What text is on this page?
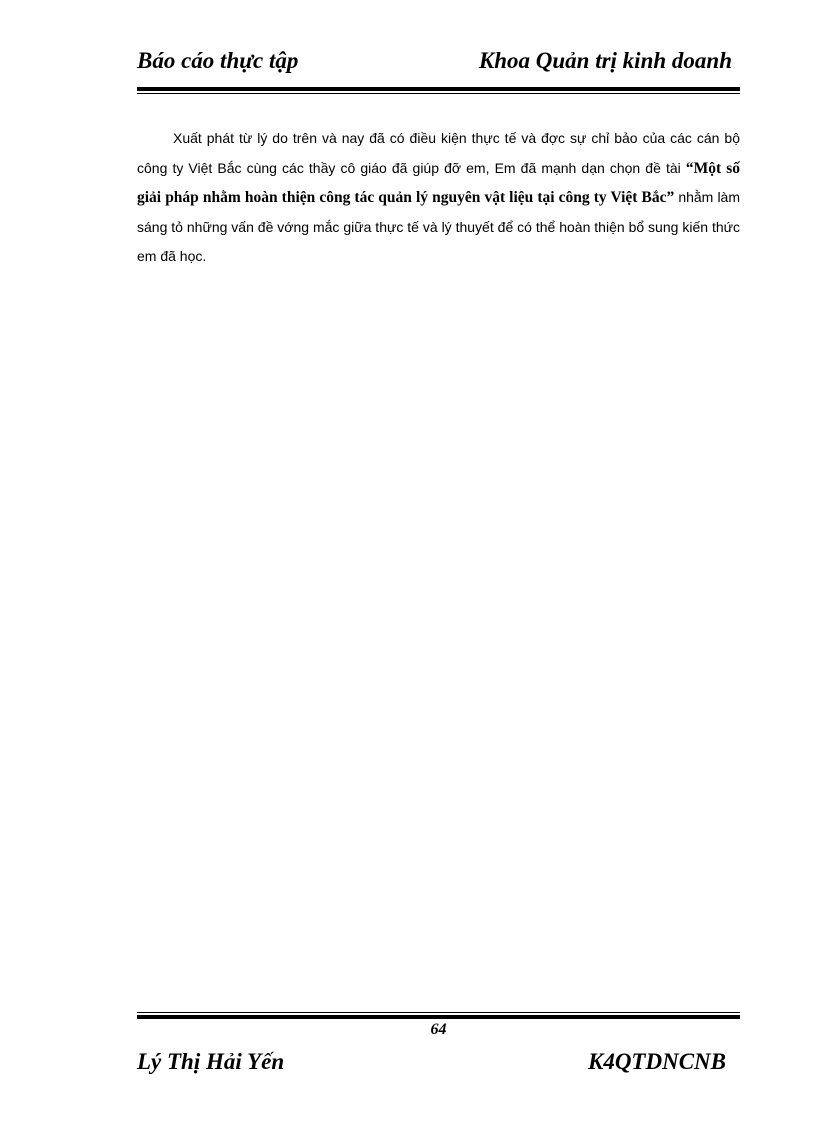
Báo cáo thực tập	Khoa Quản trị kinh doanh
Xuất phát từ lý do trên và nay đã có điều kiện thực tế và đợc sự chỉ bảo của các cán bộ công ty Việt Bắc cùng các thầy cô giáo đã giúp đỡ em, Em đã mạnh dạn chọn đề tài “Một số giải pháp nhằm hoàn thiện công tác quản lý nguyên vật liệu tại công ty Việt Bắc” nhằm làm sáng tỏ những vấn đề vớng mắc giữa thực tế và lý thuyết để có thể hoàn thiện bổ sung kiến thức em đã học.
64
Lý Thị Hải Yến	K4QTDNCNB
